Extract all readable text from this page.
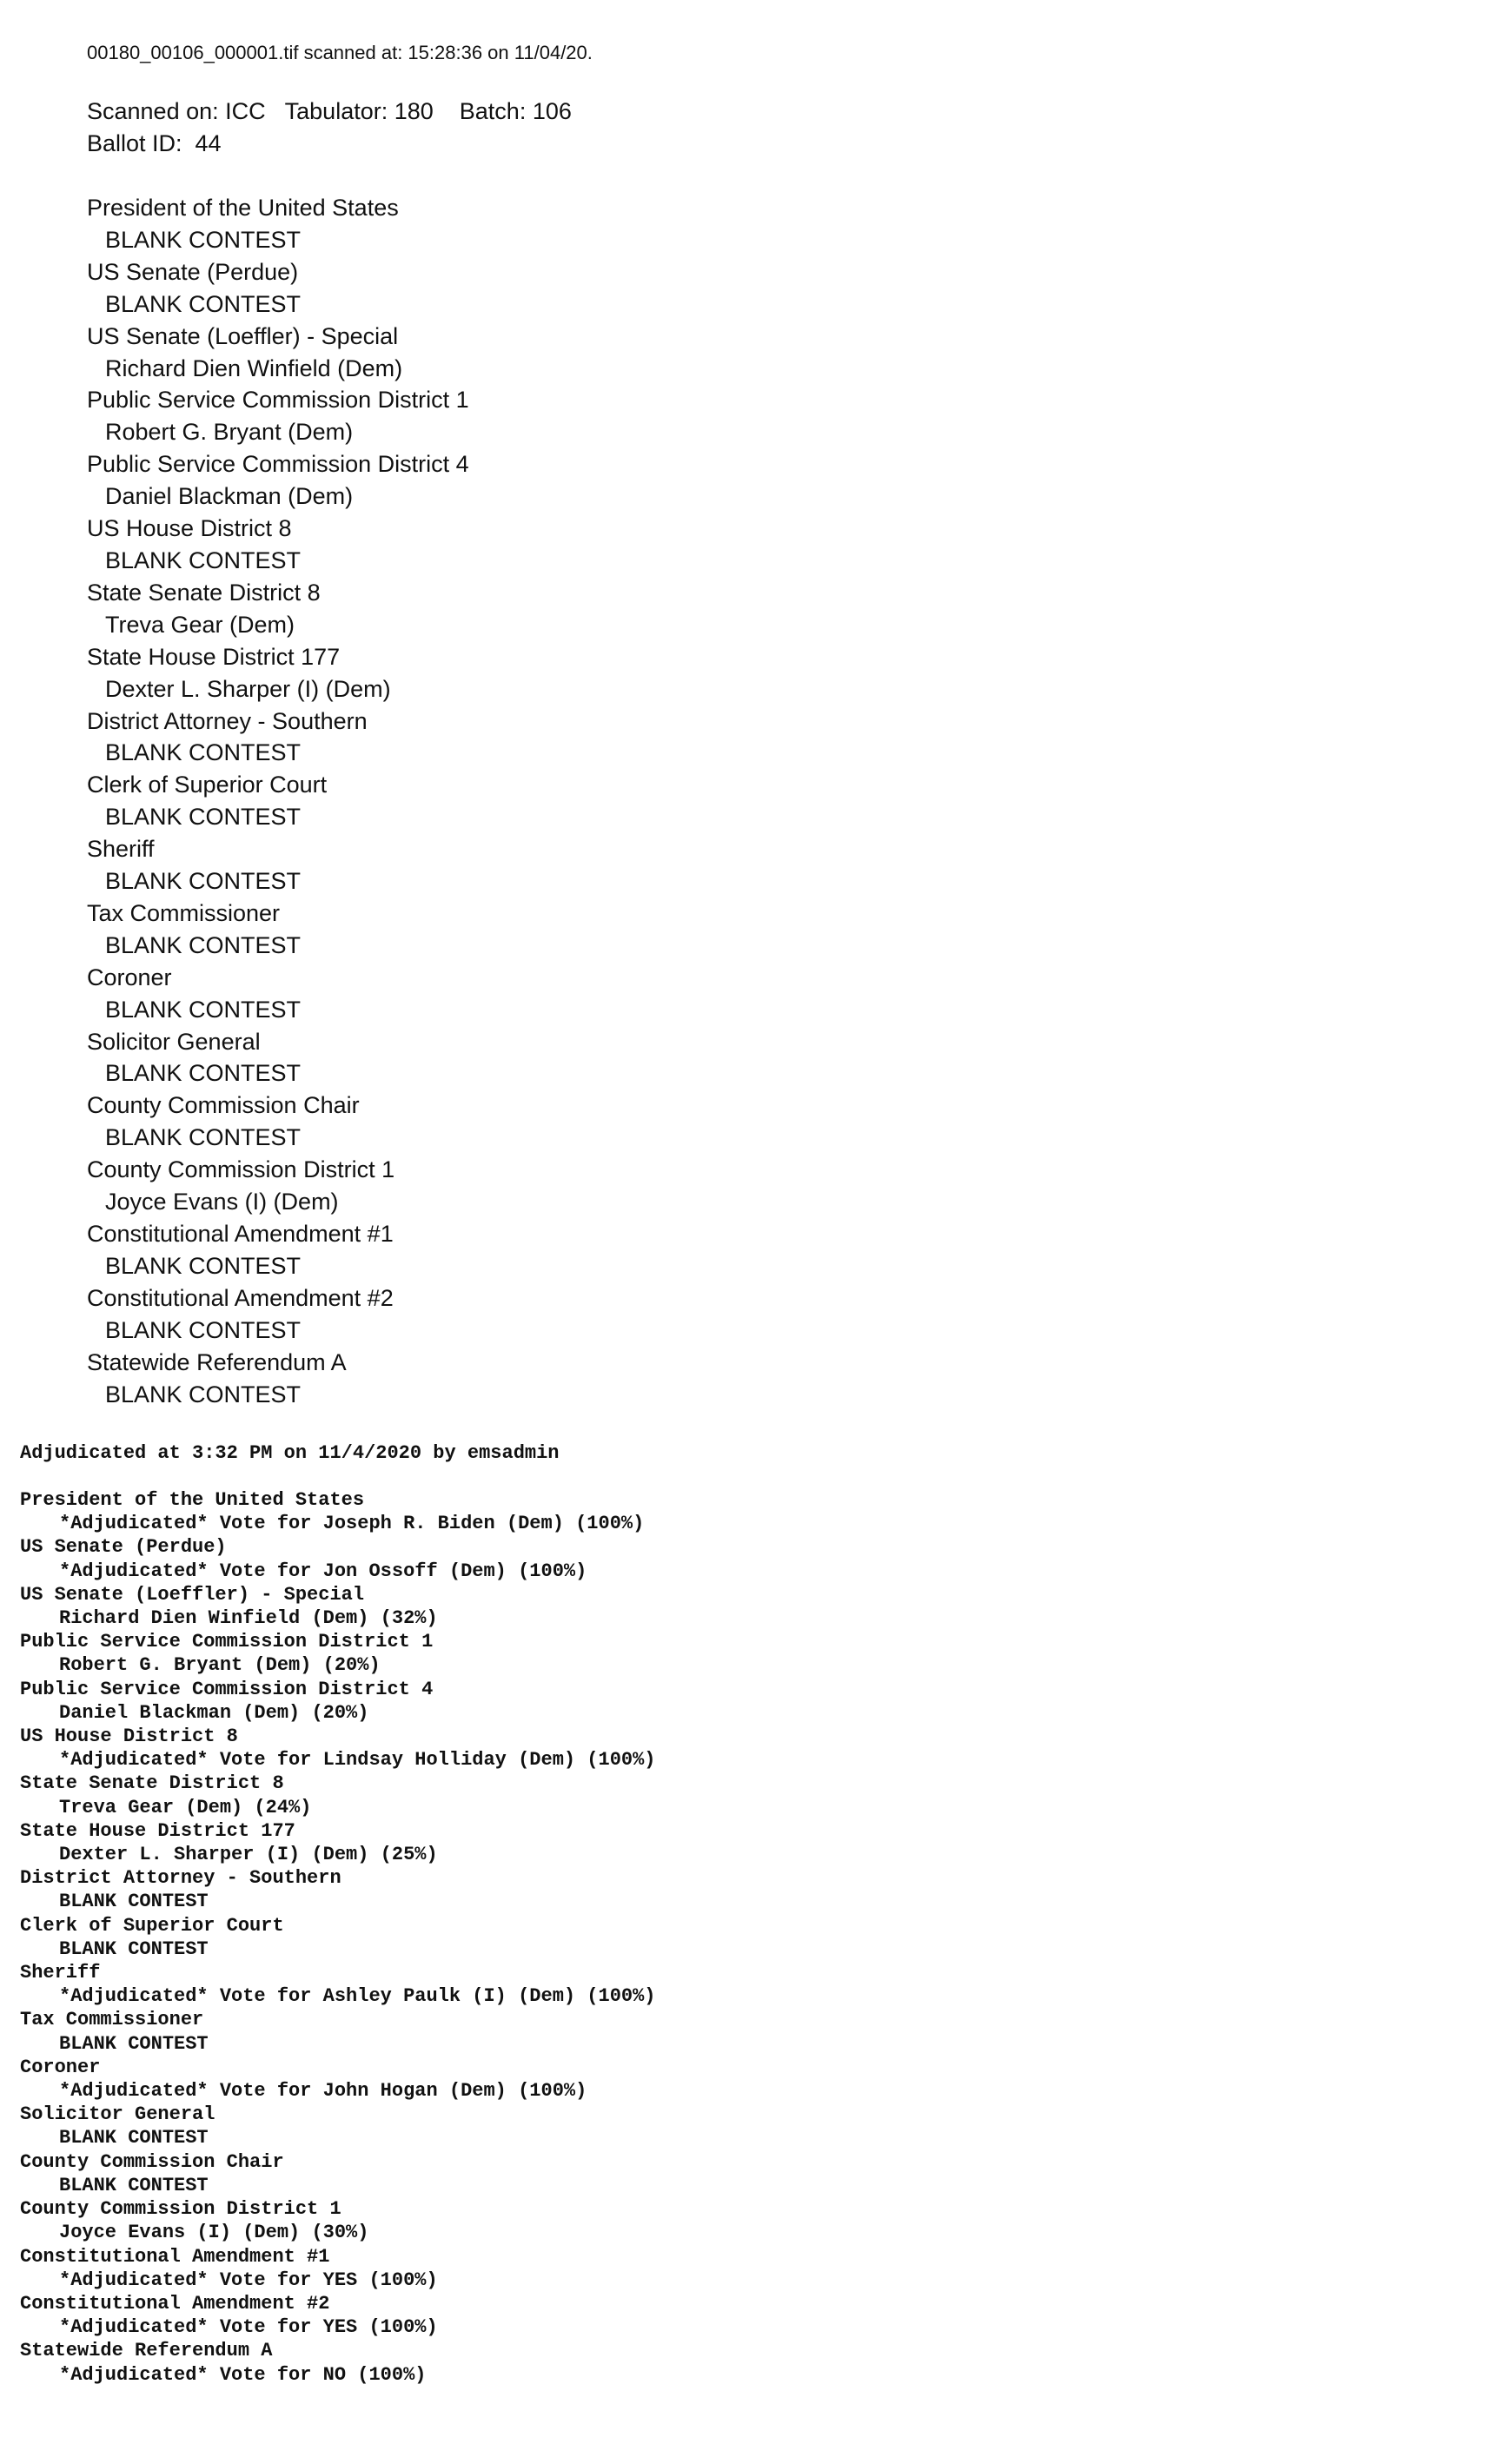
00180_00106_000001.tif scanned at: 15:28:36 on 11/04/20.
Scanned on: ICC   Tabulator: 180    Batch: 106
Ballot ID:  44
President of the United States
BLANK CONTEST
US Senate (Perdue)
BLANK CONTEST
US Senate (Loeffler) - Special
Richard Dien Winfield (Dem)
Public Service Commission District 1
Robert G. Bryant (Dem)
Public Service Commission District 4
Daniel Blackman (Dem)
US House District 8
BLANK CONTEST
State Senate District 8
Treva Gear (Dem)
State House District 177
Dexter L. Sharper (I) (Dem)
District Attorney - Southern
BLANK CONTEST
Clerk of Superior Court
BLANK CONTEST
Sheriff
BLANK CONTEST
Tax Commissioner
BLANK CONTEST
Coroner
BLANK CONTEST
Solicitor General
BLANK CONTEST
County Commission Chair
BLANK CONTEST
County Commission District 1
Joyce Evans (I) (Dem)
Constitutional Amendment #1
BLANK CONTEST
Constitutional Amendment #2
BLANK CONTEST
Statewide Referendum A
BLANK CONTEST
Adjudicated at 3:32 PM on 11/4/2020 by emsadmin
President of the United States
*Adjudicated* Vote for Joseph R. Biden (Dem) (100%)
US Senate (Perdue)
*Adjudicated* Vote for Jon Ossoff (Dem) (100%)
US Senate (Loeffler) - Special
Richard Dien Winfield (Dem) (32%)
Public Service Commission District 1
Robert G. Bryant (Dem) (20%)
Public Service Commission District 4
Daniel Blackman (Dem) (20%)
US House District 8
*Adjudicated* Vote for Lindsay Holliday (Dem) (100%)
State Senate District 8
Treva Gear (Dem) (24%)
State House District 177
Dexter L. Sharper (I) (Dem) (25%)
District Attorney - Southern
BLANK CONTEST
Clerk of Superior Court
BLANK CONTEST
Sheriff
*Adjudicated* Vote for Ashley Paulk (I) (Dem) (100%)
Tax Commissioner
BLANK CONTEST
Coroner
*Adjudicated* Vote for John Hogan (Dem) (100%)
Solicitor General
BLANK CONTEST
County Commission Chair
BLANK CONTEST
County Commission District 1
Joyce Evans (I) (Dem) (30%)
Constitutional Amendment #1
*Adjudicated* Vote for YES (100%)
Constitutional Amendment #2
*Adjudicated* Vote for YES (100%)
Statewide Referendum A
*Adjudicated* Vote for NO (100%)
